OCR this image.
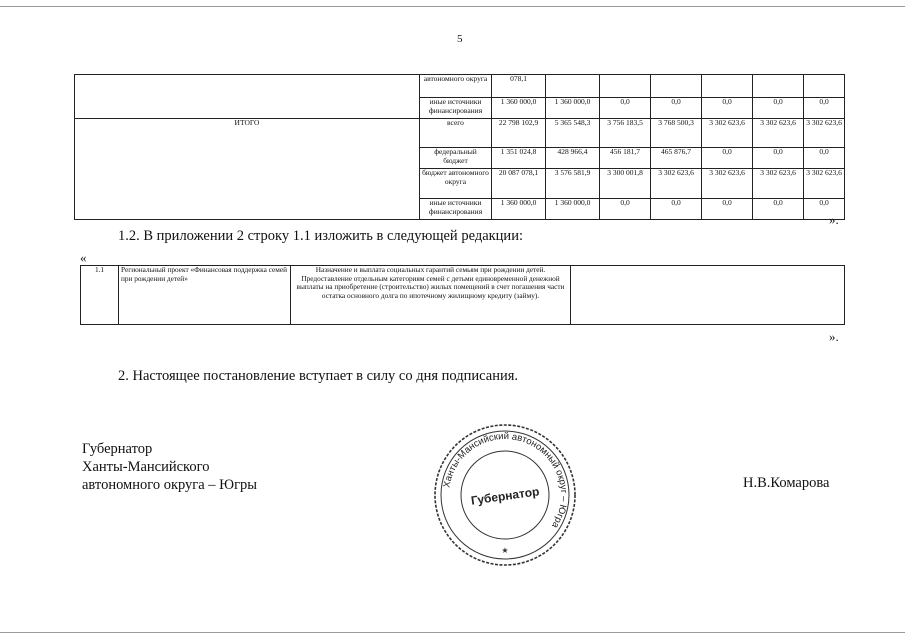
5
	автономного округа	078,1						
	иные источники финансирования	1 360 000,0	1 360 000,0	0,0	0,0	0,0	0,0	0,0
ИТОГО	всего	22 798 102,9	5 365 548,3	3 756 183,5	3 768 500,3	3 302 623,6	3 302 623,6	3 302 623,6
	федеральный бюджет	1 351 024,8	428 966,4	456 181,7	465 876,7	0,0	0,0	0,0
	бюджет автономного округа	20 087 078,1	3 576 581,9	3 300 001,8	3 302 623,6	3 302 623,6	3 302 623,6	3 302 623,6
	иные источники финансирования	1 360 000,0	1 360 000,0	0,0	0,0	0,0	0,0	0,0
».
1.2. В приложении 2 строку 1.1 изложить в следующей редакции:
«
1.1	Региональный проект «Финансовая поддержка семей при рождении детей»	Назначение и выплата социальных гарантий семьям при рождении детей. Предоставление отдельным категориям семей с детьми единовременной денежной выплаты на приобретение (строительство) жилых помещений в счет погашения части остатка основного долга по ипотечному жилищному кредиту (займу).	
».
2. Настоящее постановление вступает в силу со дня подписания.
Губернатор
Ханты-Мансийского
автономного округа – Югры	Н.В.Комарова
Ханты-Мансийский автономный округ – Югра
Губернатор
★
